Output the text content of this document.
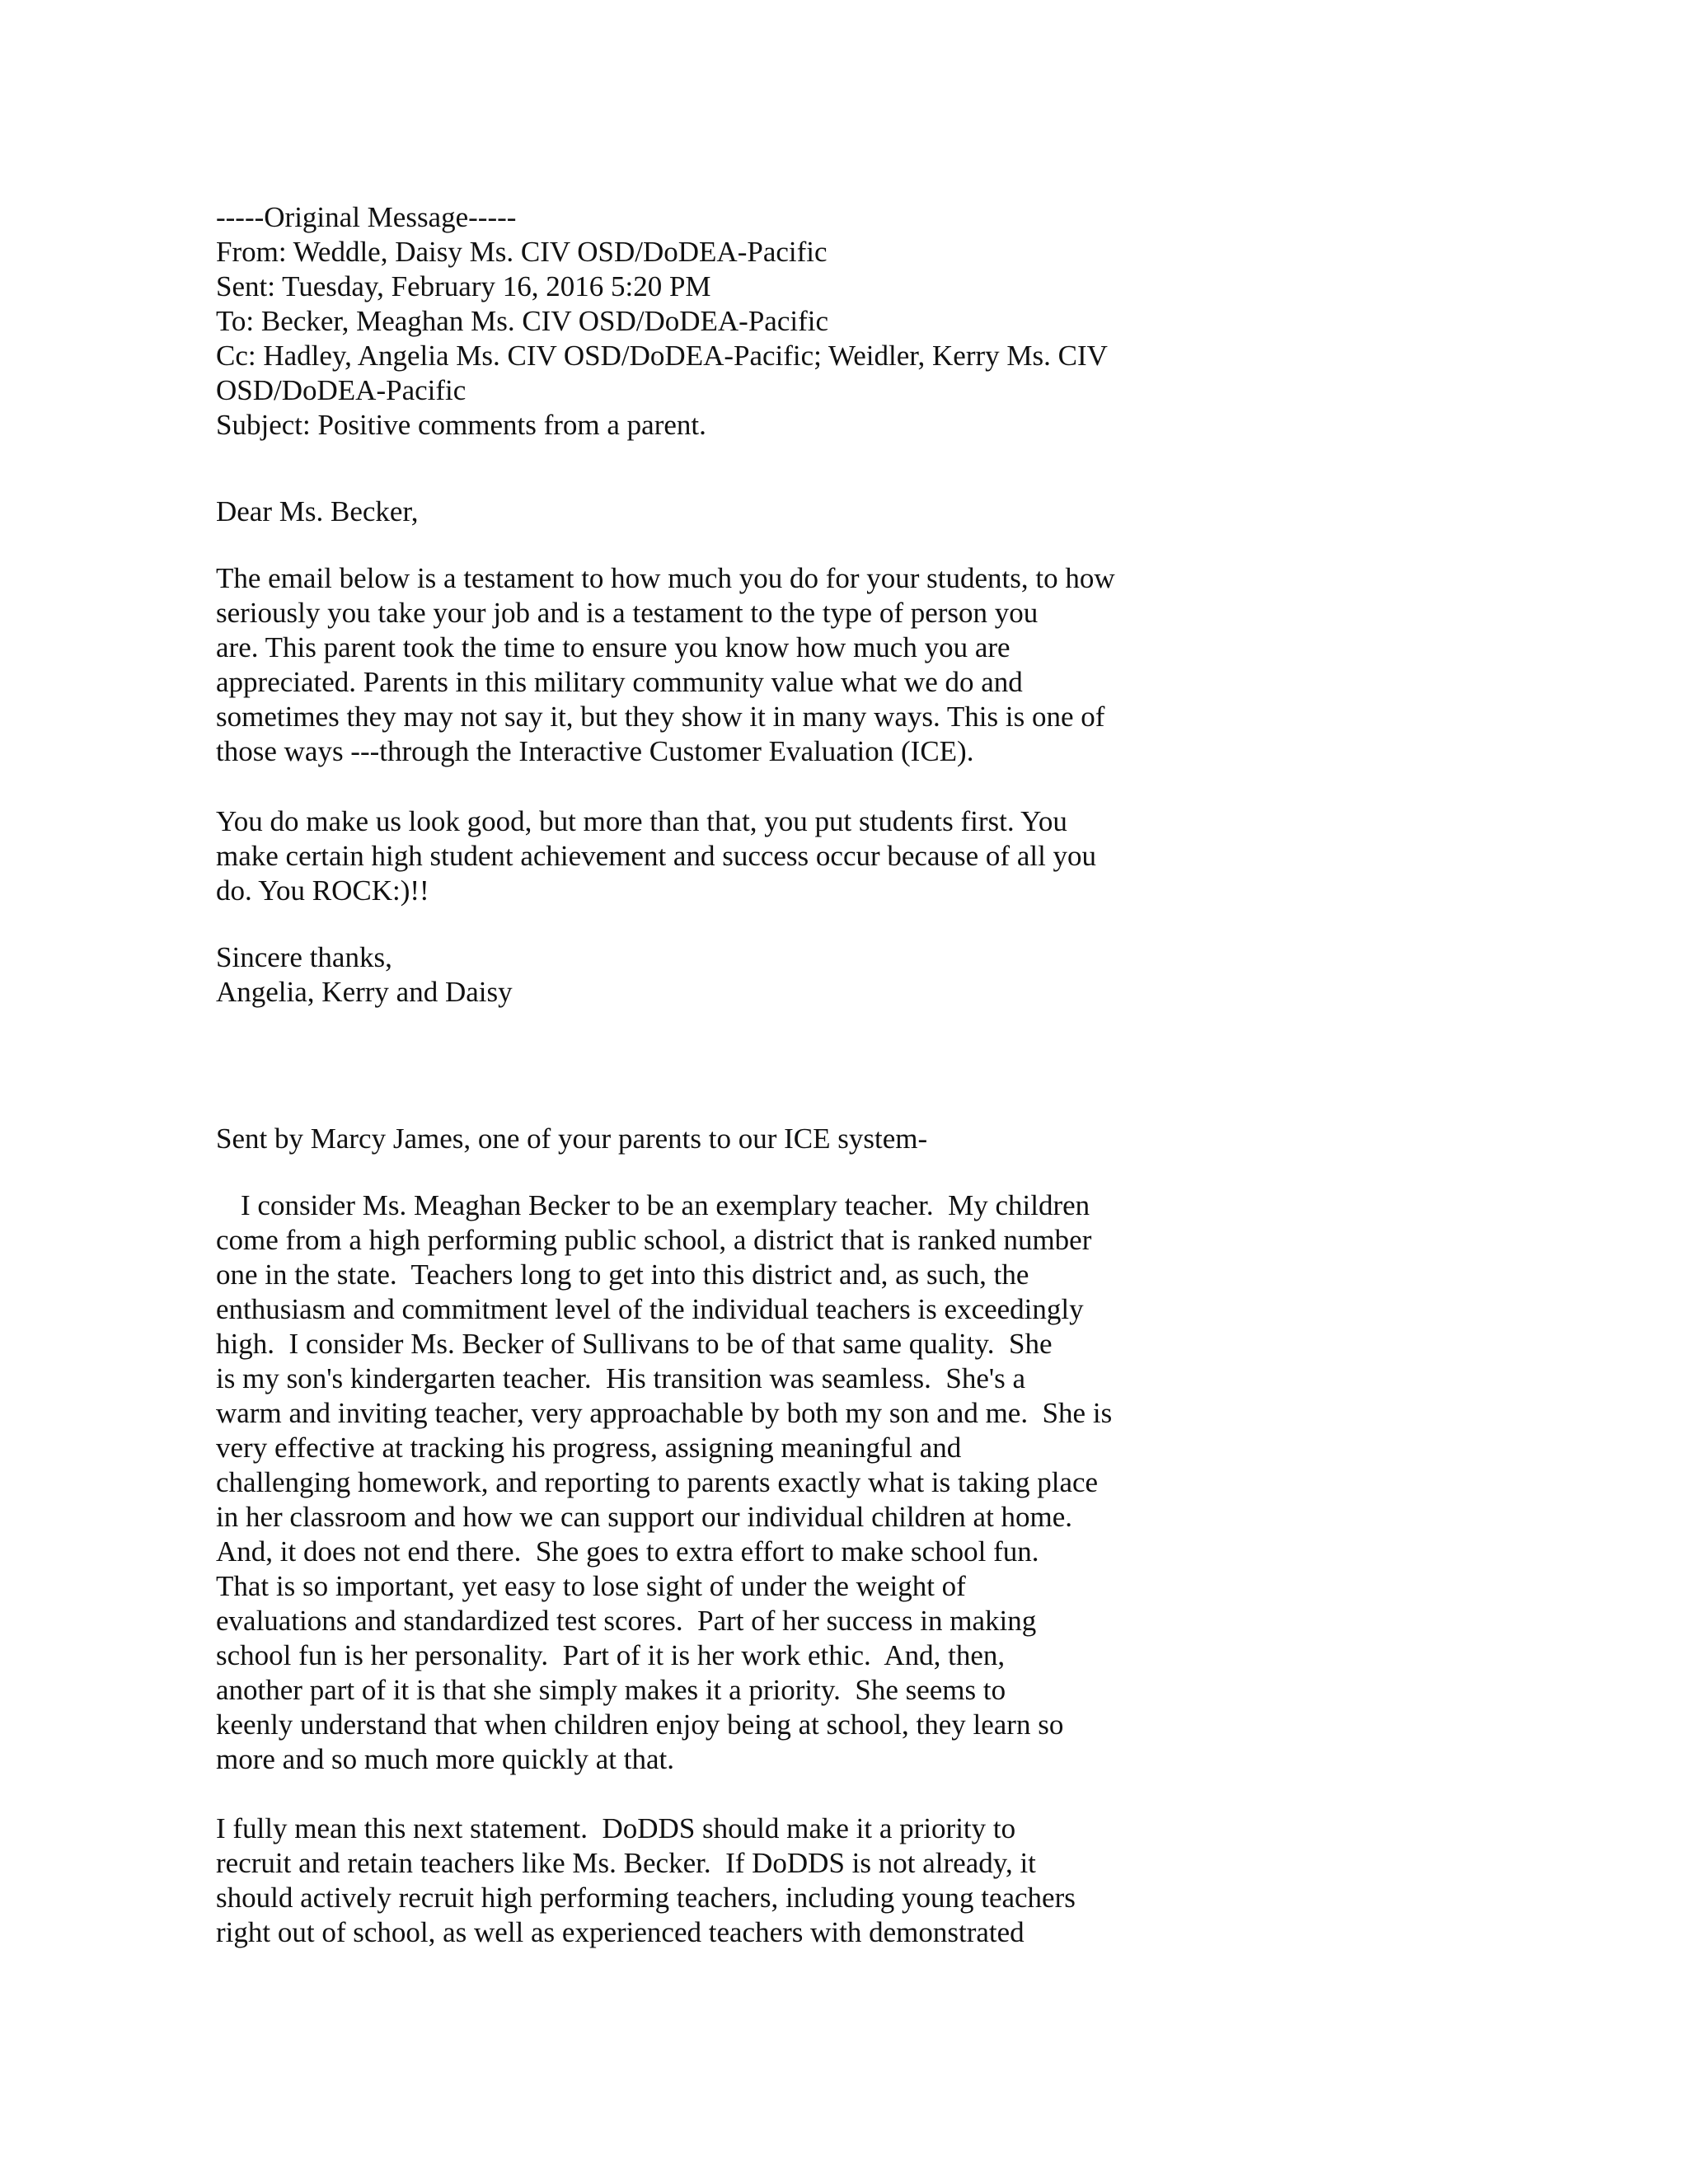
-----Original Message-----
From: Weddle, Daisy Ms. CIV OSD/DoDEA-Pacific
Sent: Tuesday, February 16, 2016 5:20 PM
To: Becker, Meaghan Ms. CIV OSD/DoDEA-Pacific
Cc: Hadley, Angelia Ms. CIV OSD/DoDEA-Pacific; Weidler, Kerry Ms. CIV
OSD/DoDEA-Pacific
Subject: Positive comments from a parent.
Dear Ms. Becker,
The email below is a testament to how much you do for your students, to how
seriously you take your job and is a testament to the type of person you
are. This parent took the time to ensure you know how much you are
appreciated. Parents in this military community value what we do and
sometimes they may not say it, but they show it in many ways. This is one of
those ways ---through the Interactive Customer Evaluation (ICE).
You do make us look good, but more than that, you put students first. You
make certain high student achievement and success occur because of all you
do. You ROCK:)!!
Sincere thanks,
Angelia, Kerry and Daisy
Sent by Marcy James, one of your parents to our ICE system-
I consider Ms. Meaghan Becker to be an exemplary teacher.  My children
come from a high performing public school, a district that is ranked number
one in the state.  Teachers long to get into this district and, as such, the
enthusiasm and commitment level of the individual teachers is exceedingly
high.  I consider Ms. Becker of Sullivans to be of that same quality.  She
is my son's kindergarten teacher.  His transition was seamless.  She's a
warm and inviting teacher, very approachable by both my son and me.  She is
very effective at tracking his progress, assigning meaningful and
challenging homework, and reporting to parents exactly what is taking place
in her classroom and how we can support our individual children at home.
And, it does not end there.  She goes to extra effort to make school fun.
That is so important, yet easy to lose sight of under the weight of
evaluations and standardized test scores.  Part of her success in making
school fun is her personality.  Part of it is her work ethic.  And, then,
another part of it is that she simply makes it a priority.  She seems to
keenly understand that when children enjoy being at school, they learn so
more and so much more quickly at that.
I fully mean this next statement.  DoDDS should make it a priority to
recruit and retain teachers like Ms. Becker.  If DoDDS is not already, it
should actively recruit high performing teachers, including young teachers
right out of school, as well as experienced teachers with demonstrated
